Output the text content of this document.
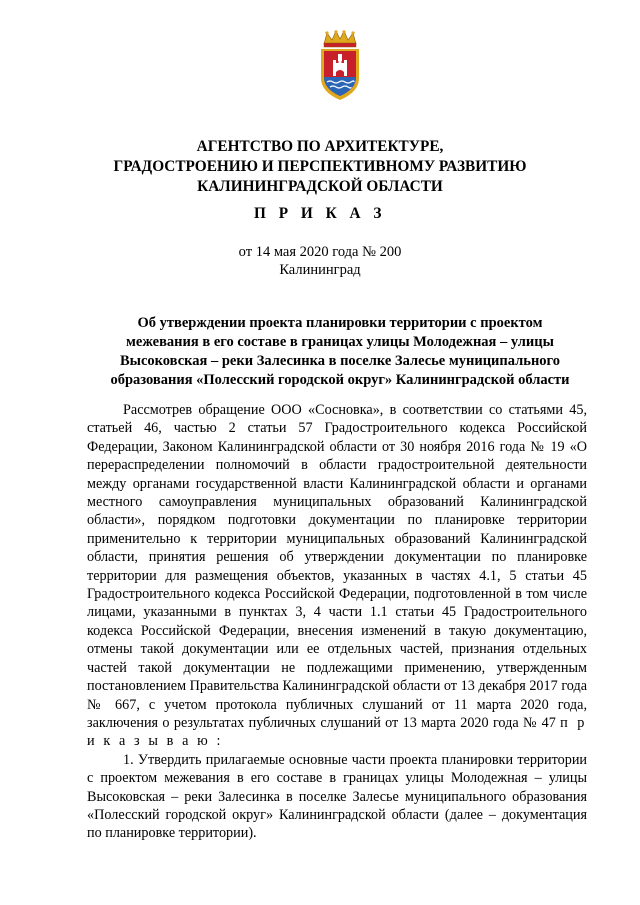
АГЕНТСТВО ПО АРХИТЕКТУРЕ,
ГРАДОСТРОЕНИЮ И ПЕРСПЕКТИВНОМУ РАЗВИТИЮ
КАЛИНИНГРАДСКОЙ ОБЛАСТИ
П Р И К А З
от 14 мая 2020 года № 200
Калининград
Об утверждении проекта планировки территории с проектом
межевания в его составе в границах улицы Молодежная – улицы
Высоковская – реки Залесинка в поселке Залесье муниципального
образования «Полесский городской округ» Калининградской области

Рассмотрев обращение ООО «Сосновка», в соответствии со статьями 45, статьей 46, частью 2 статьи 57 Градостроительного кодекса Российской Федерации, Законом Калининградской области от 30 ноября 2016 года № 19 «О перераспределении полномочий в области градостроительной деятельности между органами государственной власти Калининградской области и органами местного самоуправления муниципальных образований Калининградской области», порядком подготовки документации по планировке территории применительно к территории муниципальных образований Калининградской области, принятия решения об утверждении документации по планировке территории для размещения объектов, указанных в частях 4.1, 5 статьи 45 Градостроительного кодекса Российской Федерации, подготовленной в том числе лицами, указанными в пунктах 3, 4 части 1.1 статьи 45 Градостроительного кодекса Российской Федерации, внесения изменений в такую документацию, отмены такой документации или ее отдельных частей, признания отдельных частей такой документации не подлежащими применению, утвержденным постановлением Правительства Калининградской области от 13 декабря 2017 года № 667, с учетом протокола публичных слушаний от 11 марта 2020 года, заключения о результатах публичных слушаний от 13 марта 2020 года № 47 п р и к а з ы в а ю :

1. Утвердить прилагаемые основные части проекта планировки территории с проектом межевания в его составе в границах улицы Молодежная – улицы Высоковская – реки Залесинка в поселке Залесье муниципального образования «Полесский городской округ» Калининградской области (далее – документация по планировке территории).
